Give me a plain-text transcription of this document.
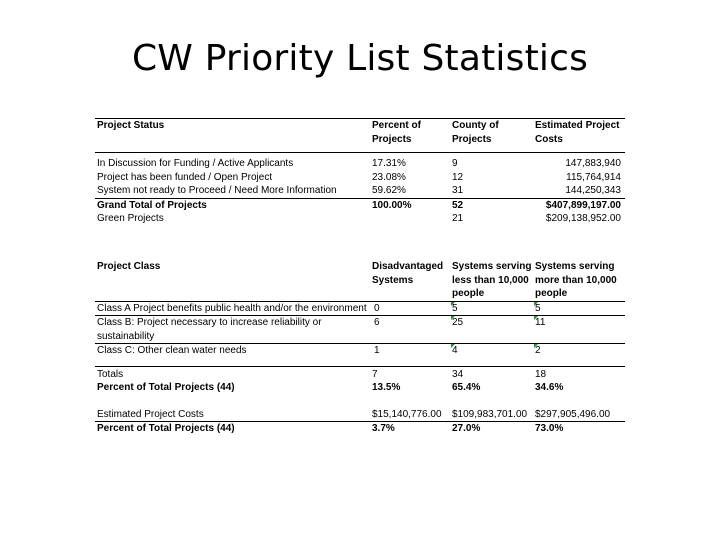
CW Priority List Statistics
Project Status	Percent of Projects	County of Projects	Estimated Project Costs
In Discussion for Funding / Active Applicants	17.31%	9	147,883,940
Project has been funded / Open Project	23.08%	12	115,764,914
System not ready to Proceed / Need More Information	59.62%	31	144,250,343
Grand Total of Projects	100.00%	52	$407,899,197.00
Green Projects		21	$209,138,952.00
Project Class	Disadvantaged Systems	Systems serving less than 10,000 people	Systems serving more than 10,000 people
Class A Project benefits public health and/or the environment	0	5	5
Class B: Project necessary to increase reliability or sustainability	6	25	11
Class C: Other clean water needs	1	4	2
Totals	7	34	18
Percent of Total Projects (44)	13.5%	65.4%	34.6%

Estimated Project Costs	$15,140,776.00	$109,983,701.00	$297,905,496.00
Percent of Total Projects (44)	3.7%	27.0%	73.0%
